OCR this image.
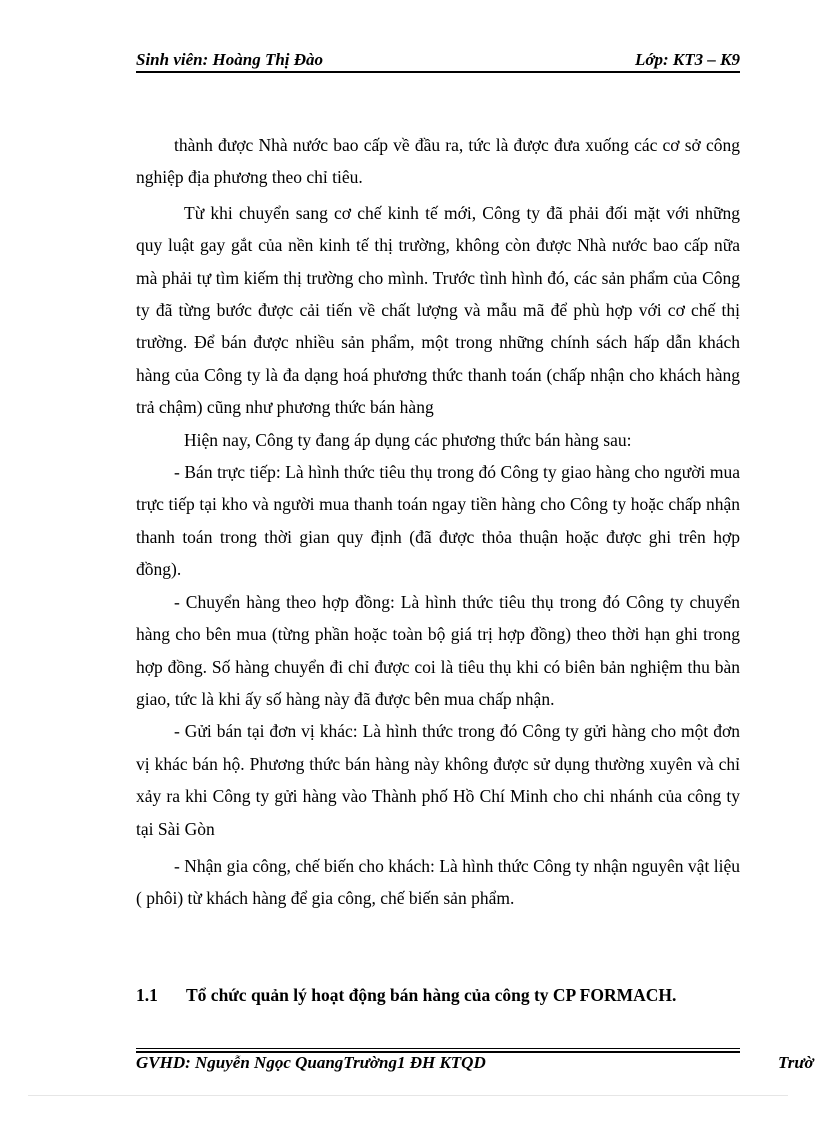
Sinh viên: Hoàng Thị Đào	Lớp: KT3 – K9

thành được Nhà nước bao cấp về đầu ra, tức là được đưa xuống các cơ sở công nghiệp địa phương theo chỉ tiêu.

Từ khi chuyển sang cơ chế kinh tế mới, Công ty đã phải đối mặt với những quy luật gay gắt của nền kinh tế thị trường, không còn được Nhà nước bao cấp nữa mà phải tự tìm kiếm thị trường cho mình. Trước tình hình đó, các sản phẩm của Công ty đã từng bước được cải tiến về chất lượng và mẫu mã để phù hợp với cơ chế thị trường. Để bán được nhiều sản phẩm, một trong những chính sách hấp dẫn khách hàng của Công ty là đa dạng hoá phương thức thanh toán (chấp nhận cho khách hàng trả chậm) cũng như phương thức bán hàng

Hiện nay, Công ty đang áp dụng các phương thức bán hàng sau:

- Bán trực tiếp: Là hình thức tiêu thụ trong đó Công ty giao hàng cho người mua trực tiếp tại kho và người mua thanh toán ngay tiền hàng cho Công ty hoặc chấp nhận thanh toán trong thời gian quy định (đã được thỏa thuận hoặc được ghi trên hợp đồng).

- Chuyển hàng theo hợp đồng: Là hình thức tiêu thụ trong đó Công ty chuyển hàng cho bên mua (từng phần hoặc toàn bộ giá trị hợp đồng) theo thời hạn ghi trong hợp đồng. Số hàng chuyển đi chỉ được coi là tiêu thụ khi có biên bản nghiệm thu bàn giao, tức là khi ấy số hàng này đã được bên mua chấp nhận.

- Gửi bán tại đơn vị khác: Là hình thức trong đó Công ty gửi hàng cho một đơn vị khác bán hộ. Phương thức bán hàng này không được sử dụng thường xuyên và chỉ xảy ra khi Công ty gửi hàng vào Thành phố Hồ Chí Minh cho chi nhánh của công ty tại Sài Gòn

- Nhận gia công, chế biến cho khách: Là hình thức Công ty nhận nguyên vật liệu ( phôi) từ khách hàng để gia công, chế biến sản phẩm.

1.1 Tổ chức quản lý hoạt động bán hàng của công ty CP FORMACH.
GVHD: Nguyễn Ngọc QuangTrường1 ĐH KTQD	Trườ
